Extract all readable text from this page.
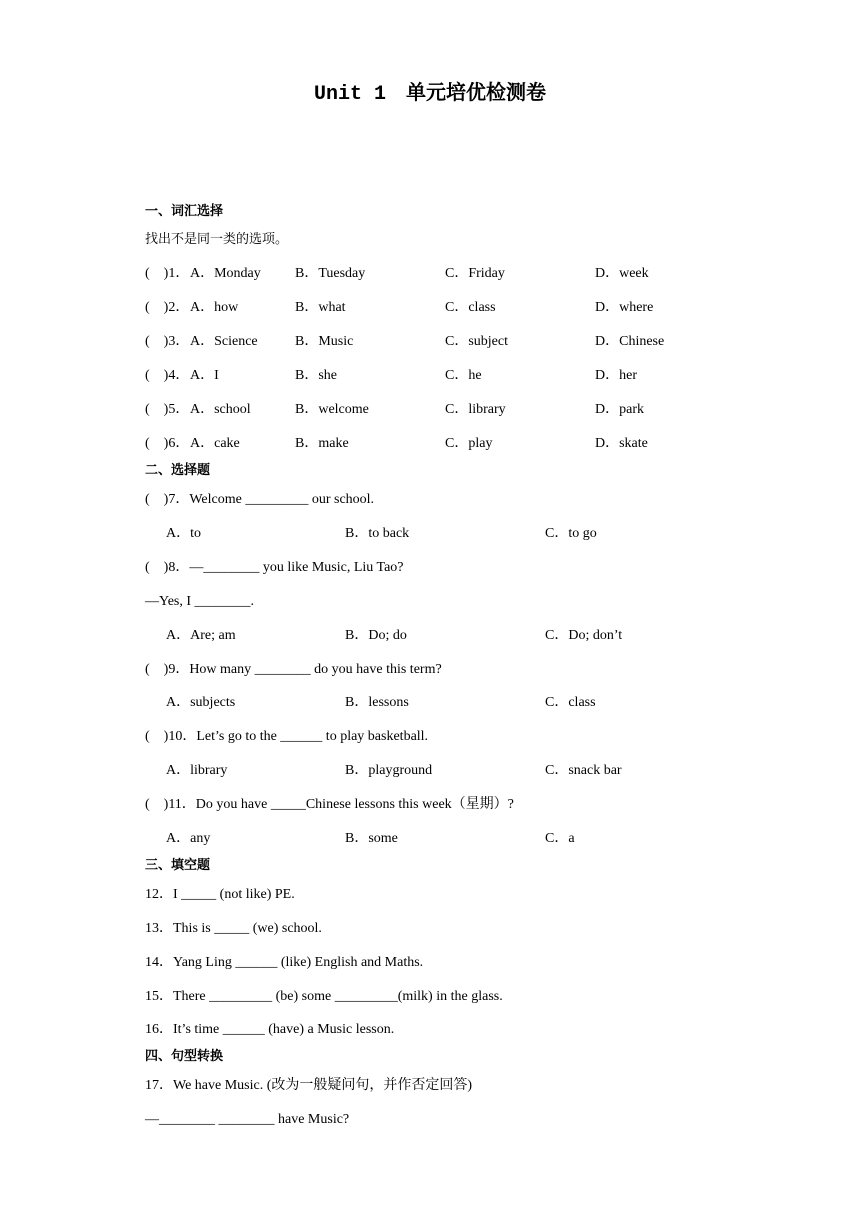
Unit 1　单元培优检测卷
一、词汇选择
找出不是同一类的选项。
(　)1． A．Monday B．Tuesday	C．Friday	D．week
(　)2． A．how	B．what	C．class	D．where
(　)3． A．Science	B．Music	C．subject	D．Chinese
(　)4． A．I	B．she	C．he	D．her
(　)5． A．school	B．welcome	C．library	D．park
(　)6． A．cake	B．make	C．play	D．skate
二、选择题
(　)7．Welcome _________ our school.
A．to	B．to back	C．to go
(　)8．—________ you like Music, Liu Tao?
—Yes, I ________.
A．Are; am	B．Do; do	C．Do; don’t
(　)9．How many ________ do you have this term?
A．subjects	B．lessons	C．class
(　)10．Let’s go to the ______ to play basketball.
A．library	B．playground	C．snack bar
(　)11．Do you have _____Chinese lessons this week（星期）?
A．any	B．some	C．a
三、填空题
12．I _____ (not like) PE.
13．This is _____ (we) school.
14．Yang Ling ______ (like) English and Maths.
15．There _________ (be) some _________(milk) in the glass.
16．It’s time ______ (have) a Music lesson.
四、句型转换
17．We have Music. (改为一般疑问句，并作否定回答)
—________ ________ have Music?
